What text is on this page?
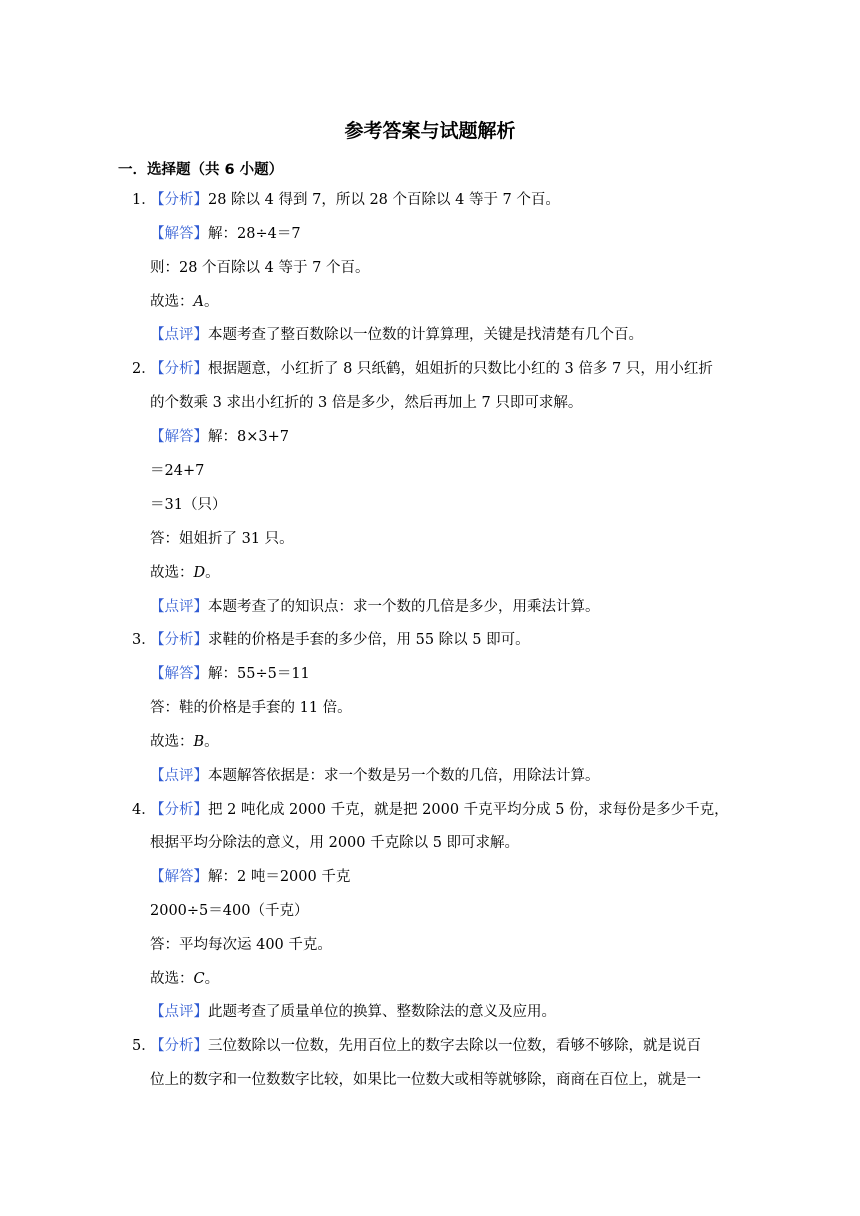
参考答案与试题解析
一．选择题（共 6 小题）
1．【分析】28 除以 4 得到 7，所以 28 个百除以 4 等于 7 个百。
【解答】解：28÷4＝7
则：28 个百除以 4 等于 7 个百。
故选：A。
【点评】本题考查了整百数除以一位数的计算算理，关键是找清楚有几个百。
2．【分析】根据题意，小红折了 8 只纸鹤，姐姐折的只数比小红的 3 倍多 7 只，用小红折
的个数乘 3 求出小红折的 3 倍是多少，然后再加上 7 只即可求解。
【解答】解：8×3+7
＝24+7
＝31（只）
答：姐姐折了 31 只。
故选：D。
【点评】本题考查了的知识点：求一个数的几倍是多少，用乘法计算。
3．【分析】求鞋的价格是手套的多少倍，用 55 除以 5 即可。
【解答】解：55÷5＝11
答：鞋的价格是手套的 11 倍。
故选：B。
【点评】本题解答依据是：求一个数是另一个数的几倍，用除法计算。
4．【分析】把 2 吨化成 2000 千克，就是把 2000 千克平均分成 5 份，求每份是多少千克，
根据平均分除法的意义，用 2000 千克除以 5 即可求解。
【解答】解：2 吨＝2000 千克
2000÷5＝400（千克）
答：平均每次运 400 千克。
故选：C。
【点评】此题考查了质量单位的换算、整数除法的意义及应用。
5．【分析】三位数除以一位数，先用百位上的数字去除以一位数，看够不够除，就是说百
位上的数字和一位数数字比较，如果比一位数大或相等就够除，商商在百位上，就是一
